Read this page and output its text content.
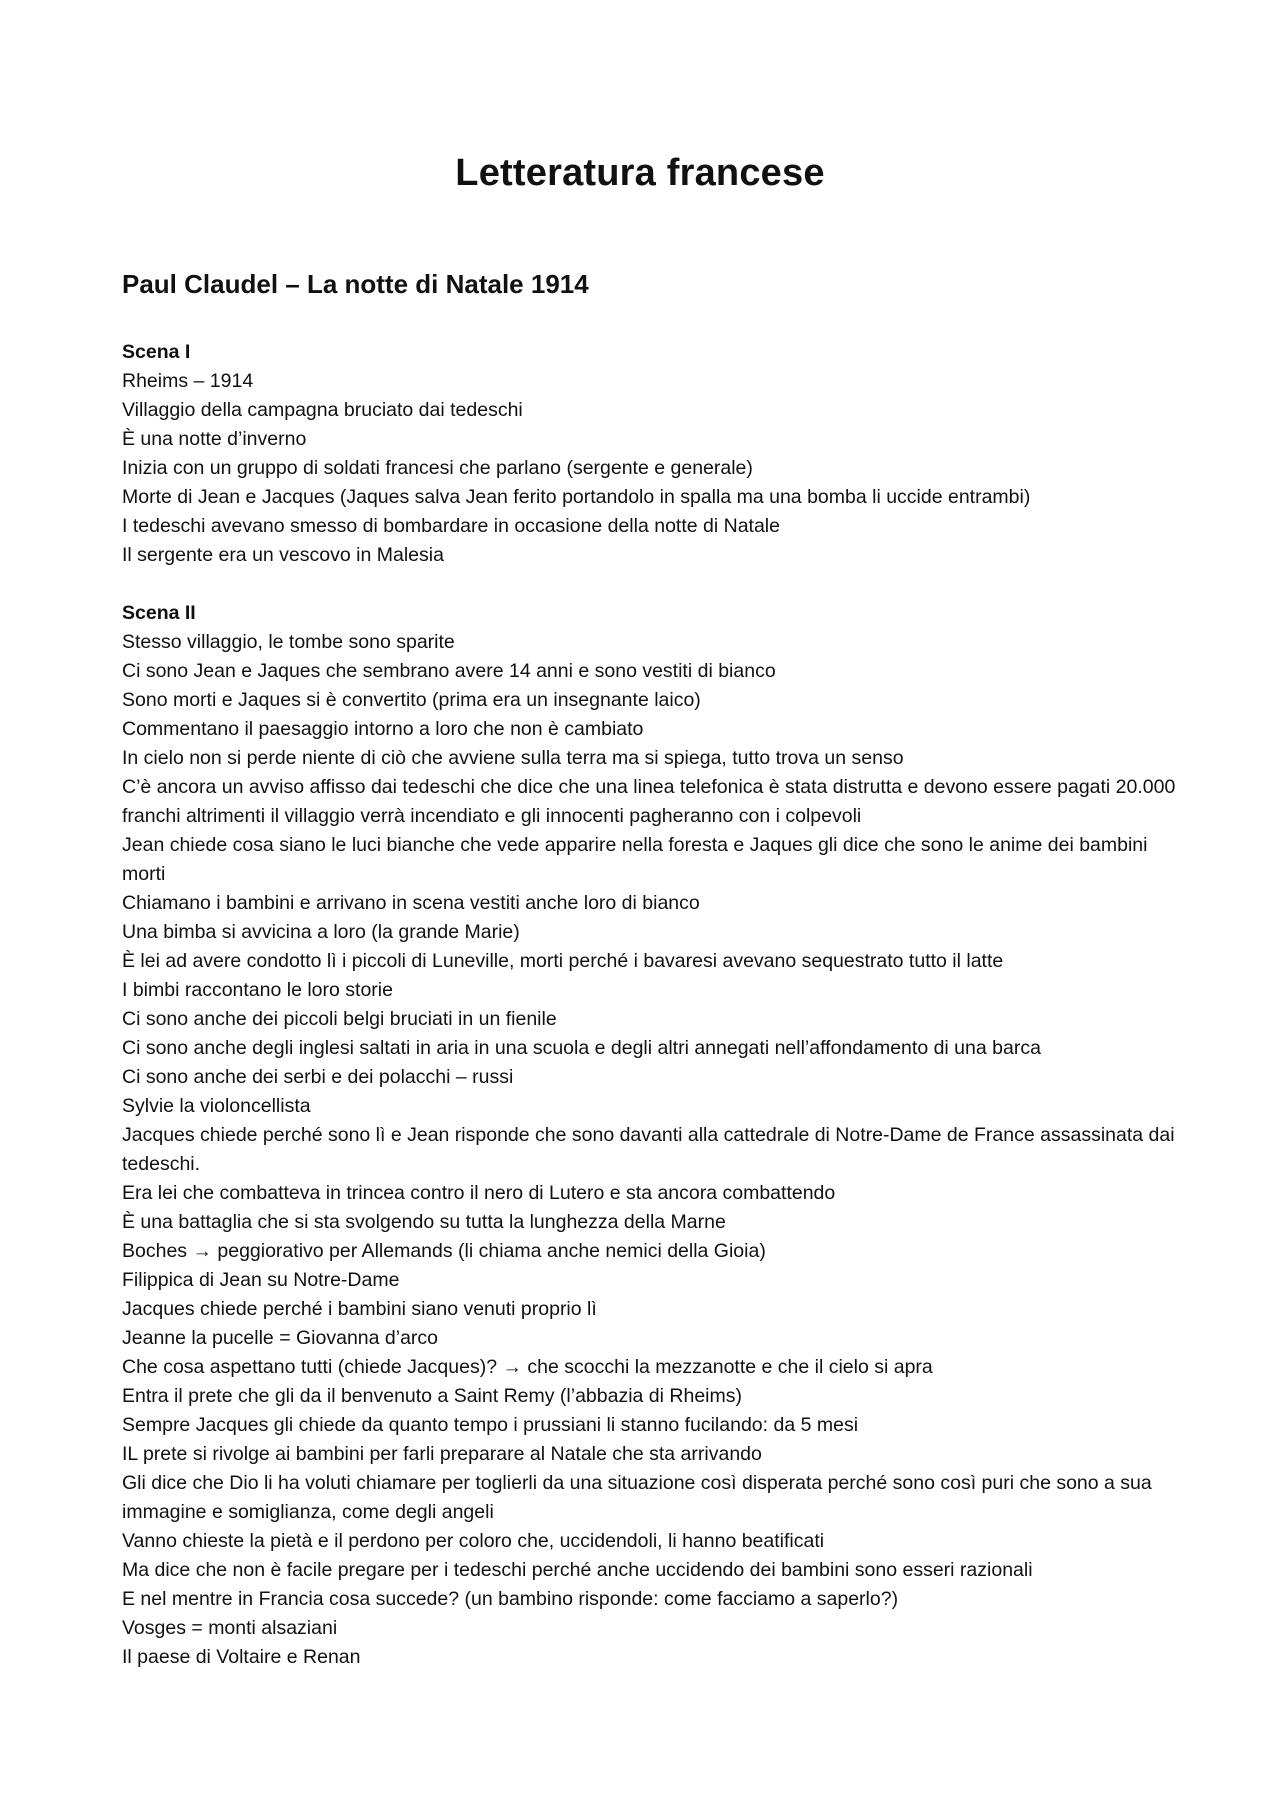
Letteratura francese
Paul Claudel – La notte di Natale 1914

Scena I

Rheims – 1914

Villaggio della campagna bruciato dai tedeschi

È una notte d’inverno

Inizia con un gruppo di soldati francesi che parlano (sergente e generale)

Morte di Jean e Jacques (Jaques salva Jean ferito portandolo in spalla ma una bomba li uccide entrambi)

I tedeschi avevano smesso di bombardare in occasione della notte di Natale

Il sergente era un vescovo in Malesia

Scena II

Stesso villaggio, le tombe sono sparite

Ci sono Jean e Jaques che sembrano avere 14 anni e sono vestiti di bianco

Sono morti e Jaques si è convertito (prima era un insegnante laico)

Commentano il paesaggio intorno a loro che non è cambiato

In cielo non si perde niente di ciò che avviene sulla terra ma si spiega, tutto trova un senso

C’è ancora un avviso affisso dai tedeschi che dice che una linea telefonica è stata distrutta e devono essere pagati 20.000 franchi altrimenti il villaggio verrà incendiato e gli innocenti pagheranno con i colpevoli

Jean chiede cosa siano le luci bianche che vede apparire nella foresta e Jaques gli dice che sono le anime dei bambini morti

Chiamano i bambini e arrivano in scena vestiti anche loro di bianco

Una bimba si avvicina a loro (la grande Marie)

È lei ad avere condotto lì i piccoli di Luneville, morti perché i bavaresi avevano sequestrato tutto il latte

I bimbi raccontano le loro storie

Ci sono anche dei piccoli belgi bruciati in un fienile

Ci sono anche degli inglesi saltati in aria in una scuola e degli altri annegati nell’affondamento di una barca

Ci sono anche dei serbi e dei polacchi – russi

Sylvie la violoncellista

Jacques chiede perché sono lì e Jean risponde che sono davanti alla cattedrale di Notre-Dame de France assassinata dai tedeschi.

Era lei che combatteva in trincea contro il nero di Lutero e sta ancora combattendo

È una battaglia che si sta svolgendo su tutta la lunghezza della Marne

Boches → peggiorativo per Allemands (li chiama anche nemici della Gioia)

Filippica di Jean su Notre-Dame

Jacques chiede perché i bambini siano venuti proprio lì

Jeanne la pucelle = Giovanna d’arco

Che cosa aspettano tutti (chiede Jacques)? → che scocchi la mezzanotte e che il cielo si apra

Entra il prete che gli da il benvenuto a Saint Remy (l’abbazia di Rheims)

Sempre Jacques gli chiede da quanto tempo i prussiani li stanno fucilando: da 5 mesi

IL prete si rivolge ai bambini per farli preparare al Natale che sta arrivando

Gli dice che Dio li ha voluti chiamare per toglierli da una situazione così disperata perché sono così puri che sono a sua immagine e somiglianza, come degli angeli

Vanno chieste la pietà e il perdono per coloro che, uccidendoli, li hanno beatificati

Ma dice che non è facile pregare per i tedeschi perché anche uccidendo dei bambini sono esseri razionali

E nel mentre in Francia cosa succede? (un bambino risponde: come facciamo a saperlo?)

Vosges = monti alsaziani

Il paese di Voltaire e Renan
